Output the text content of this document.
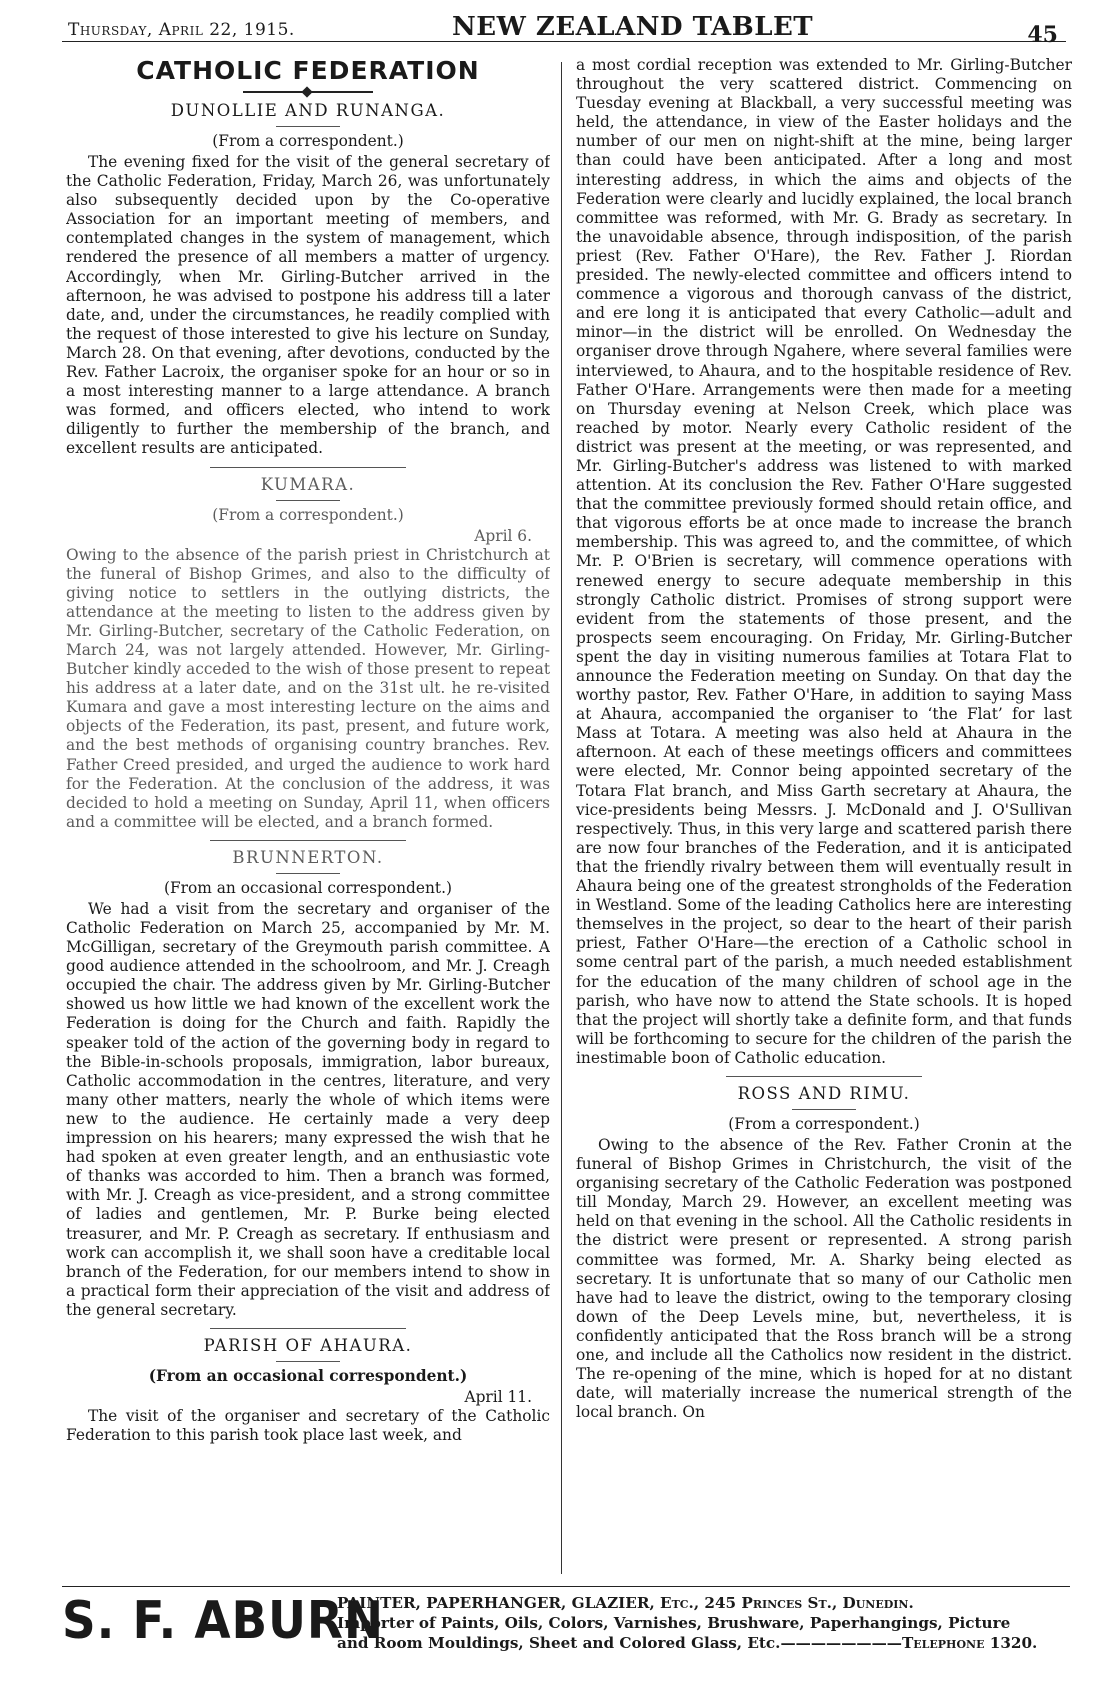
Thursday, April 22, 1915.	NEW ZEALAND TABLET	45
CATHOLIC FEDERATION
DUNOLLIE AND RUNANGA.
(From a correspondent.)

The evening fixed for the visit of the general secretary of the Catholic Federation, Friday, March 26, was unfortunately also subsequently decided upon by the Co-operative Association for an important meeting of members, and contemplated changes in the system of management, which rendered the presence of all members a matter of urgency. Accordingly, when Mr. Girling-Butcher arrived in the afternoon, he was advised to postpone his address till a later date, and, under the circumstances, he readily complied with the request of those interested to give his lecture on Sunday, March 28. On that evening, after devotions, conducted by the Rev. Father Lacroix, the organiser spoke for an hour or so in a most interesting manner to a large attendance. A branch was formed, and officers elected, who intend to work diligently to further the membership of the branch, and excellent results are anticipated.

KUMARA.
(From a correspondent.)
April 6.

Owing to the absence of the parish priest in Christchurch at the funeral of Bishop Grimes, and also to the difficulty of giving notice to settlers in the outlying districts, the attendance at the meeting to listen to the address given by Mr. Girling-Butcher, secretary of the Catholic Federation, on March 24, was not largely attended. However, Mr. Girling-Butcher kindly acceded to the wish of those present to repeat his address at a later date, and on the 31st ult. he re-visited Kumara and gave a most interesting lecture on the aims and objects of the Federation, its past, present, and future work, and the best methods of organising country branches. Rev. Father Creed presided, and urged the audience to work hard for the Federation. At the conclusion of the address, it was decided to hold a meeting on Sunday, April 11, when officers and a committee will be elected, and a branch formed.

BRUNNERTON.
(From an occasional correspondent.)

We had a visit from the secretary and organiser of the Catholic Federation on March 25, accompanied by Mr. M. McGilligan, secretary of the Greymouth parish committee. A good audience attended in the schoolroom, and Mr. J. Creagh occupied the chair. The address given by Mr. Girling-Butcher showed us how little we had known of the excellent work the Federation is doing for the Church and faith. Rapidly the speaker told of the action of the governing body in regard to the Bible-in-schools proposals, immigration, labor bureaux, Catholic accommodation in the centres, literature, and very many other matters, nearly the whole of which items were new to the audience. He certainly made a very deep impression on his hearers; many expressed the wish that he had spoken at even greater length, and an enthusiastic vote of thanks was accorded to him. Then a branch was formed, with Mr. J. Creagh as vice-president, and a strong committee of ladies and gentlemen, Mr. P. Burke being elected treasurer, and Mr. P. Creagh as secretary. If enthusiasm and work can accomplish it, we shall soon have a creditable local branch of the Federation, for our members intend to show in a practical form their appreciation of the visit and address of the general secretary.

PARISH OF AHAURA.
(From an occasional correspondent.)
April 11.

The visit of the organiser and secretary of the Catholic Federation to this parish took place last week, and

a most cordial reception was extended to Mr. Girling-Butcher throughout the very scattered district. Commencing on Tuesday evening at Blackball, a very successful meeting was held, the attendance, in view of the Easter holidays and the number of our men on night-shift at the mine, being larger than could have been anticipated. After a long and most interesting address, in which the aims and objects of the Federation were clearly and lucidly explained, the local branch committee was reformed, with Mr. G. Brady as secretary. In the unavoidable absence, through indisposition, of the parish priest (Rev. Father O'Hare), the Rev. Father J. Riordan presided. The newly-elected committee and officers intend to commence a vigorous and thorough canvass of the district, and ere long it is anticipated that every Catholic—adult and minor—in the district will be enrolled. On Wednesday the organiser drove through Ngahere, where several families were interviewed, to Ahaura, and to the hospitable residence of Rev. Father O'Hare. Arrangements were then made for a meeting on Thursday evening at Nelson Creek, which place was reached by motor. Nearly every Catholic resident of the district was present at the meeting, or was represented, and Mr. Girling-Butcher's address was listened to with marked attention. At its conclusion the Rev. Father O'Hare suggested that the committee previously formed should retain office, and that vigorous efforts be at once made to increase the branch membership. This was agreed to, and the committee, of which Mr. P. O'Brien is secretary, will commence operations with renewed energy to secure adequate membership in this strongly Catholic district. Promises of strong support were evident from the statements of those present, and the prospects seem encouraging. On Friday, Mr. Girling-Butcher spent the day in visiting numerous families at Totara Flat to announce the Federation meeting on Sunday. On that day the worthy pastor, Rev. Father O'Hare, in addition to saying Mass at Ahaura, accompanied the organiser to ‘the Flat’ for last Mass at Totara. A meeting was also held at Ahaura in the afternoon. At each of these meetings officers and committees were elected, Mr. Connor being appointed secretary of the Totara Flat branch, and Miss Garth secretary at Ahaura, the vice-presidents being Messrs. J. McDonald and J. O'Sullivan respectively. Thus, in this very large and scattered parish there are now four branches of the Federation, and it is anticipated that the friendly rivalry between them will eventually result in Ahaura being one of the greatest strongholds of the Federation in Westland. Some of the leading Catholics here are interesting themselves in the project, so dear to the heart of their parish priest, Father O'Hare—the erection of a Catholic school in some central part of the parish, a much needed establishment for the education of the many children of school age in the parish, who have now to attend the State schools. It is hoped that the project will shortly take a definite form, and that funds will be forthcoming to secure for the children of the parish the inestimable boon of Catholic education.

ROSS AND RIMU.
(From a correspondent.)

Owing to the absence of the Rev. Father Cronin at the funeral of Bishop Grimes in Christchurch, the visit of the organising secretary of the Catholic Federation was postponed till Monday, March 29. However, an excellent meeting was held on that evening in the school. All the Catholic residents in the district were present or represented. A strong parish committee was formed, Mr. A. Sharky being elected as secretary. It is unfortunate that so many of our Catholic men have had to leave the district, owing to the temporary closing down of the Deep Levels mine, but, nevertheless, it is confidently anticipated that the Ross branch will be a strong one, and include all the Catholics now resident in the district. The re-opening of the mine, which is hoped for at no distant date, will materially increase the numerical strength of the local branch. On

S. F. ABURN
PAINTER, PAPERHANGER, GLAZIER, Etc., 245 Princes St., Dunedin.
Importer of Paints, Oils, Colors, Varnishes, Brushware, Paperhangings, Picture
and Room Mouldings, Sheet and Colored Glass, Etc.————————Telephone 1320.
